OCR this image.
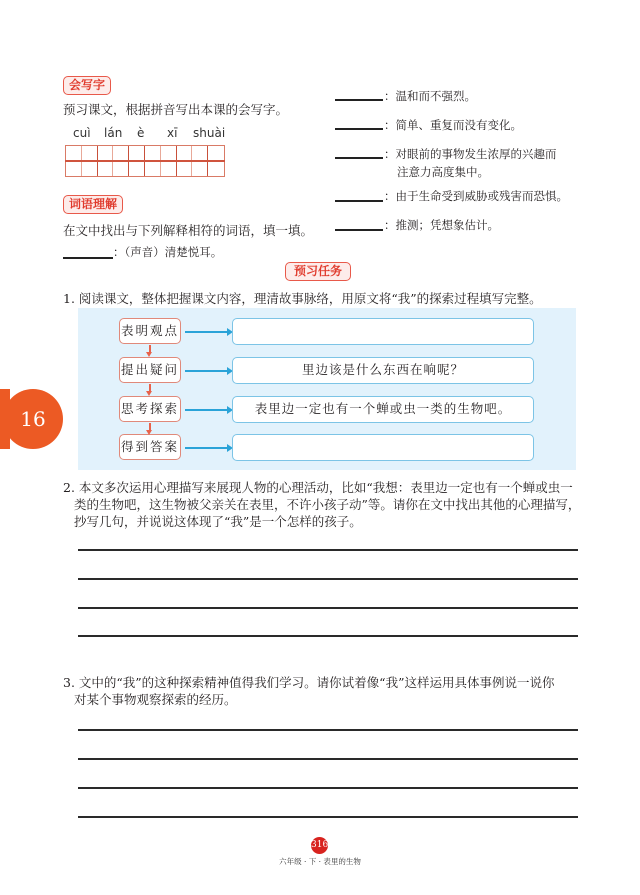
会写字
预习课文，根据拼音写出本课的会写字。
cuì lán è xī shuài
词语理解
在文中找出与下列解释相符的词语，填一填。
：（声音）清楚悦耳。
：温和而不强烈。
：简单、重复而没有变化。
：对眼前的事物发生浓厚的兴趣而
注意力高度集中。
：由于生命受到威胁或残害而恐惧。
：推测；凭想象估计。
预习任务
1. 阅读课文，整体把握课文内容，理清故事脉络，用原文将“我”的探索过程填写完整。
表明观点
提出疑问
思考探索
得到答案
里边该是什么东西在响呢？
表里边一定也有一个蝉或虫一类的生物吧。
16
2. 本文多次运用心理描写来展现人物的心理活动，比如“我想：表里边一定也有一个蝉或虫一

类的生物吧，这生物被父亲关在表里，不许小孩子动”等。请你在文中找出其他的心理描写，
抄写几句，并说说这体现了“我”是一个怎样的孩子。
3. 文中的“我”的这种探索精神值得我们学习。请你试着像“我”这样运用具体事例说一说你

对某个事物观察探索的经历。
316
六年级 · 下 · 表里的生物
